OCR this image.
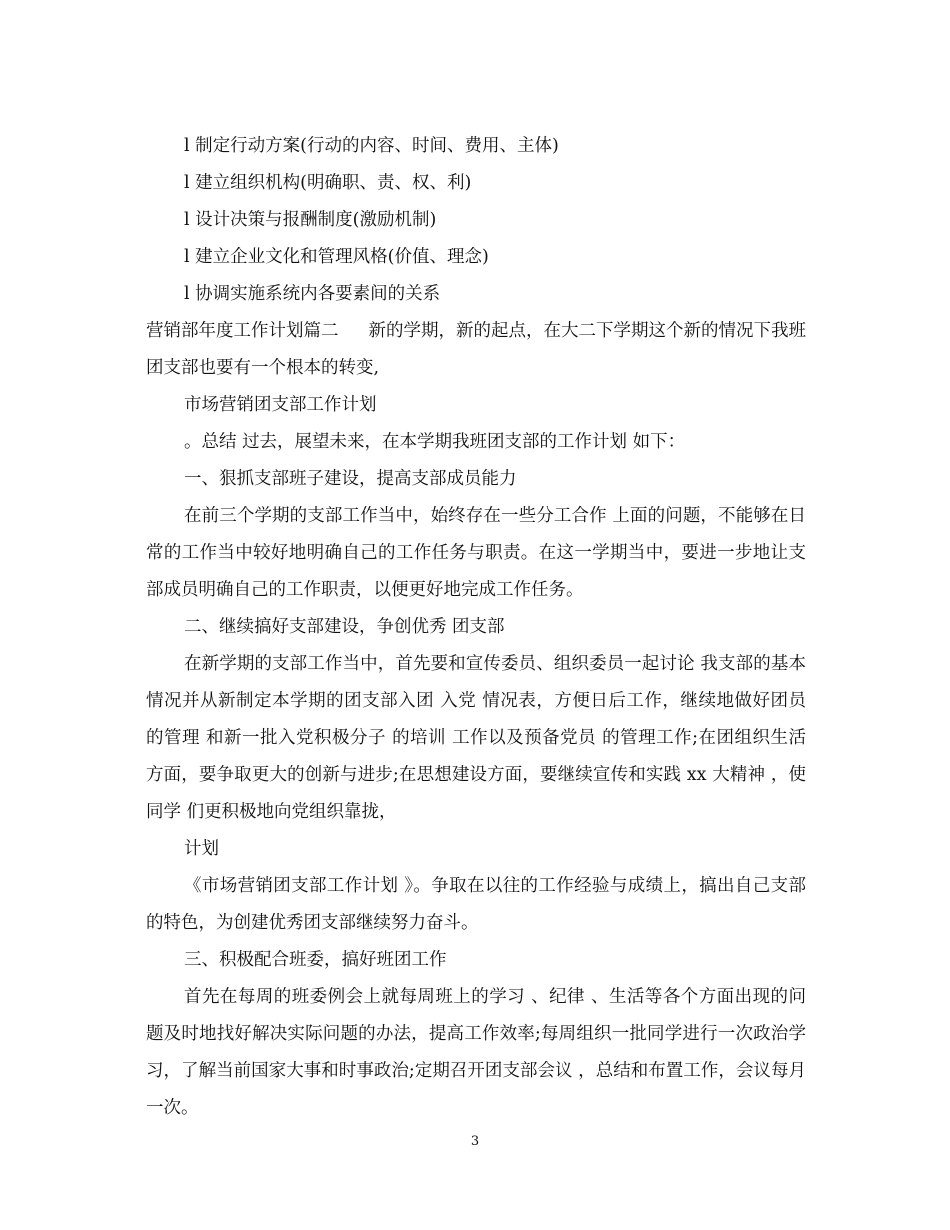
l 制定行动方案(行动的内容、时间、费用、主体)

l 建立组织机构(明确职、责、权、利)

l 设计决策与报酬制度(激励机制)

l 建立企业文化和管理风格(价值、理念)

l 协调实施系统内各要素间的关系

营销部年度工作计划篇二 新的学期，新的起点，在大二下学期这个新的情况下我班团支部也要有一个根本的转变,

市场营销团支部工作计划

。总结 过去，展望未来，在本学期我班团支部的工作计划 如下：

一、狠抓支部班子建设，提高支部成员能力

在前三个学期的支部工作当中，始终存在一些分工合作 上面的问题，不能够在日常的工作当中较好地明确自己的工作任务与职责。在这一学期当中，要进一步地让支部成员明确自己的工作职责，以便更好地完成工作任务。

二、继续搞好支部建设，争创优秀 团支部

在新学期的支部工作当中，首先要和宣传委员、组织委员一起讨论 我支部的基本情况并从新制定本学期的团支部入团 入党 情况表，方便日后工作，继续地做好团员 的管理 和新一批入党积极分子 的培训 工作以及预备党员 的管理工作;在团组织生活 方面，要争取更大的创新与进步;在思想建设方面，要继续宣传和实践 xx 大精神 ，使同学 们更积极地向党组织靠拢，

计划

《市场营销团支部工作计划 》。争取在以往的工作经验与成绩上，搞出自己支部的特色，为创建优秀团支部继续努力奋斗。

三、积极配合班委，搞好班团工作

首先在每周的班委例会上就每周班上的学习 、纪律 、生活等各个方面出现的问题及时地找好解决实际问题的办法，提高工作效率;每周组织一批同学进行一次政治学习，了解当前国家大事和时事政治;定期召开团支部会议 ，总结和布置工作，会议每月一次。

3
